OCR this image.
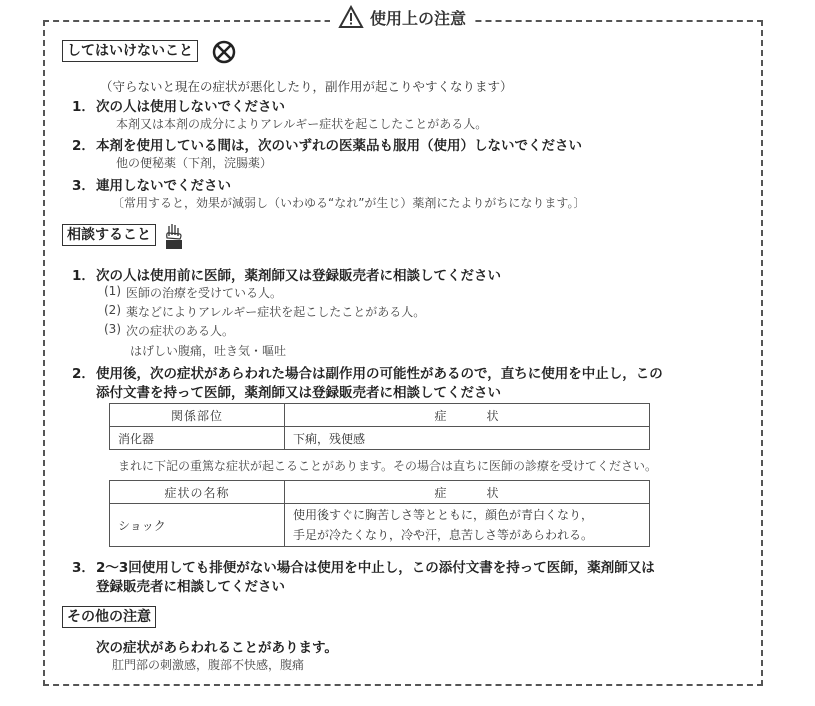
使用上の注意
してはいけないこと
（守らないと現在の症状が悪化したり，副作用が起こりやすくなります）
1． 次の人は使用しないでください
本剤又は本剤の成分によりアレルギー症状を起こしたことがある人。
2． 本剤を使用している間は，次のいずれの医薬品も服用（使用）しないでください
他の便秘薬（下剤，浣腸薬）
3． 連用しないでください
〔常用すると，効果が減弱し（いわゆる“なれ”が生じ）薬剤にたよりがちになります。〕
相談すること
1． 次の人は使用前に医師，薬剤師又は登録販売者に相談してください
(1) 医師の治療を受けている人。
(2) 薬などによりアレルギー症状を起こしたことがある人。
(3) 次の症状のある人。
はげしい腹痛，吐き気・嘔吐
2． 使用後，次の症状があらわれた場合は副作用の可能性があるので，直ちに使用を中止し，この
添付文書を持って医師，薬剤師又は登録販売者に相談してください
関係部位	症　　　状
消化器	下痢，残便感
まれに下記の重篤な症状が起こることがあります。その場合は直ちに医師の診療を受けてください。
症状の名称	症　　　状
ショック	使用後すぐに胸苦しさ等とともに，顔色が青白くなり，
手足が冷たくなり，冷や汗，息苦しさ等があらわれる。
3． 2～3回使用しても排便がない場合は使用を中止し，この添付文書を持って医師，薬剤師又は
登録販売者に相談してください
その他の注意
次の症状があらわれることがあります。
肛門部の刺激感，腹部不快感，腹痛
